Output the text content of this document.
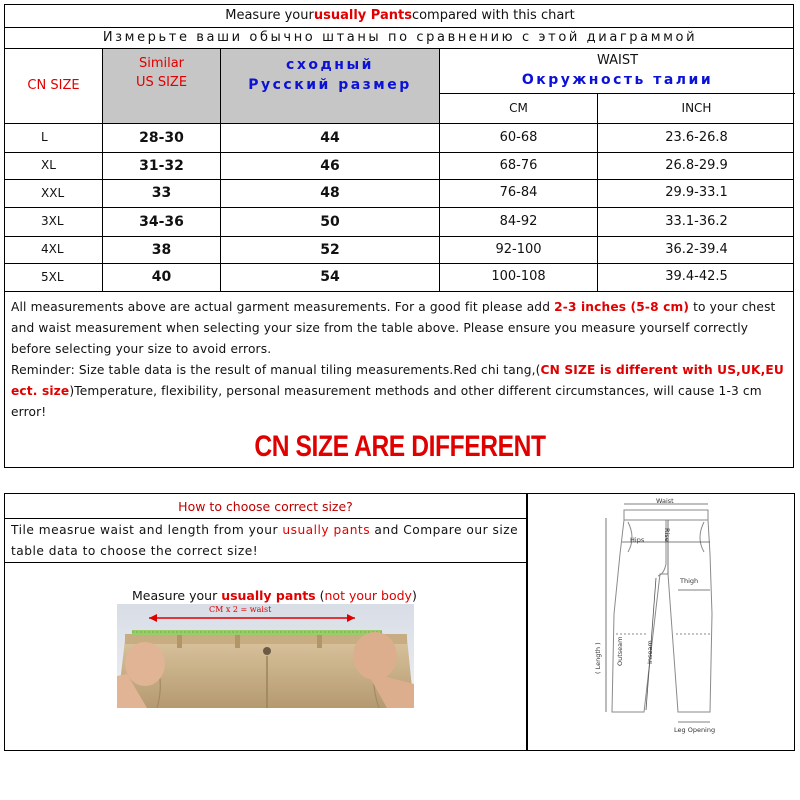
Measure your usually Pants compared with this chart
Измерьте ваши обычно штаны по сравнению с этой диаграммой
CN SIZE
Similar
US SIZE
сходный
Русский размер
WAIST
Окружность талии
CM	INCH
L	28-30	44	60-68	23.6-26.8
XL	31-32	46	68-76	26.8-29.9
XXL	33	48	76-84	29.9-33.1
3XL	34-36	50	84-92	33.1-36.2
4XL	38	52	92-100	36.2-39.4
5XL	40	54	100-108	39.4-42.5
All measurements above are actual garment measurements. For a good fit please add 2-3 inches (5-8 cm) to your chest and waist measurement when selecting your size from the table above. Please ensure you measure yourself correctly before selecting your size to avoid errors.
Reminder: Size table data is the result of manual tiling measurements.Red chi tang,(CN SIZE is different with US,UK,EU ect. size)Temperature, flexibility, personal measurement methods and other different circumstances, will cause 1-3 cm error!
CN SIZE ARE DIFFERENT
How to choose correct size?
Tile measrue waist and length from your usually pants and Compare our size table data to choose the correct size!
Measure your usually pants (not your body)
CM x 2 = waist
Waist
Hips	Rise
Thigh
( Length ) Outseam	Inseam
Leg Opening
